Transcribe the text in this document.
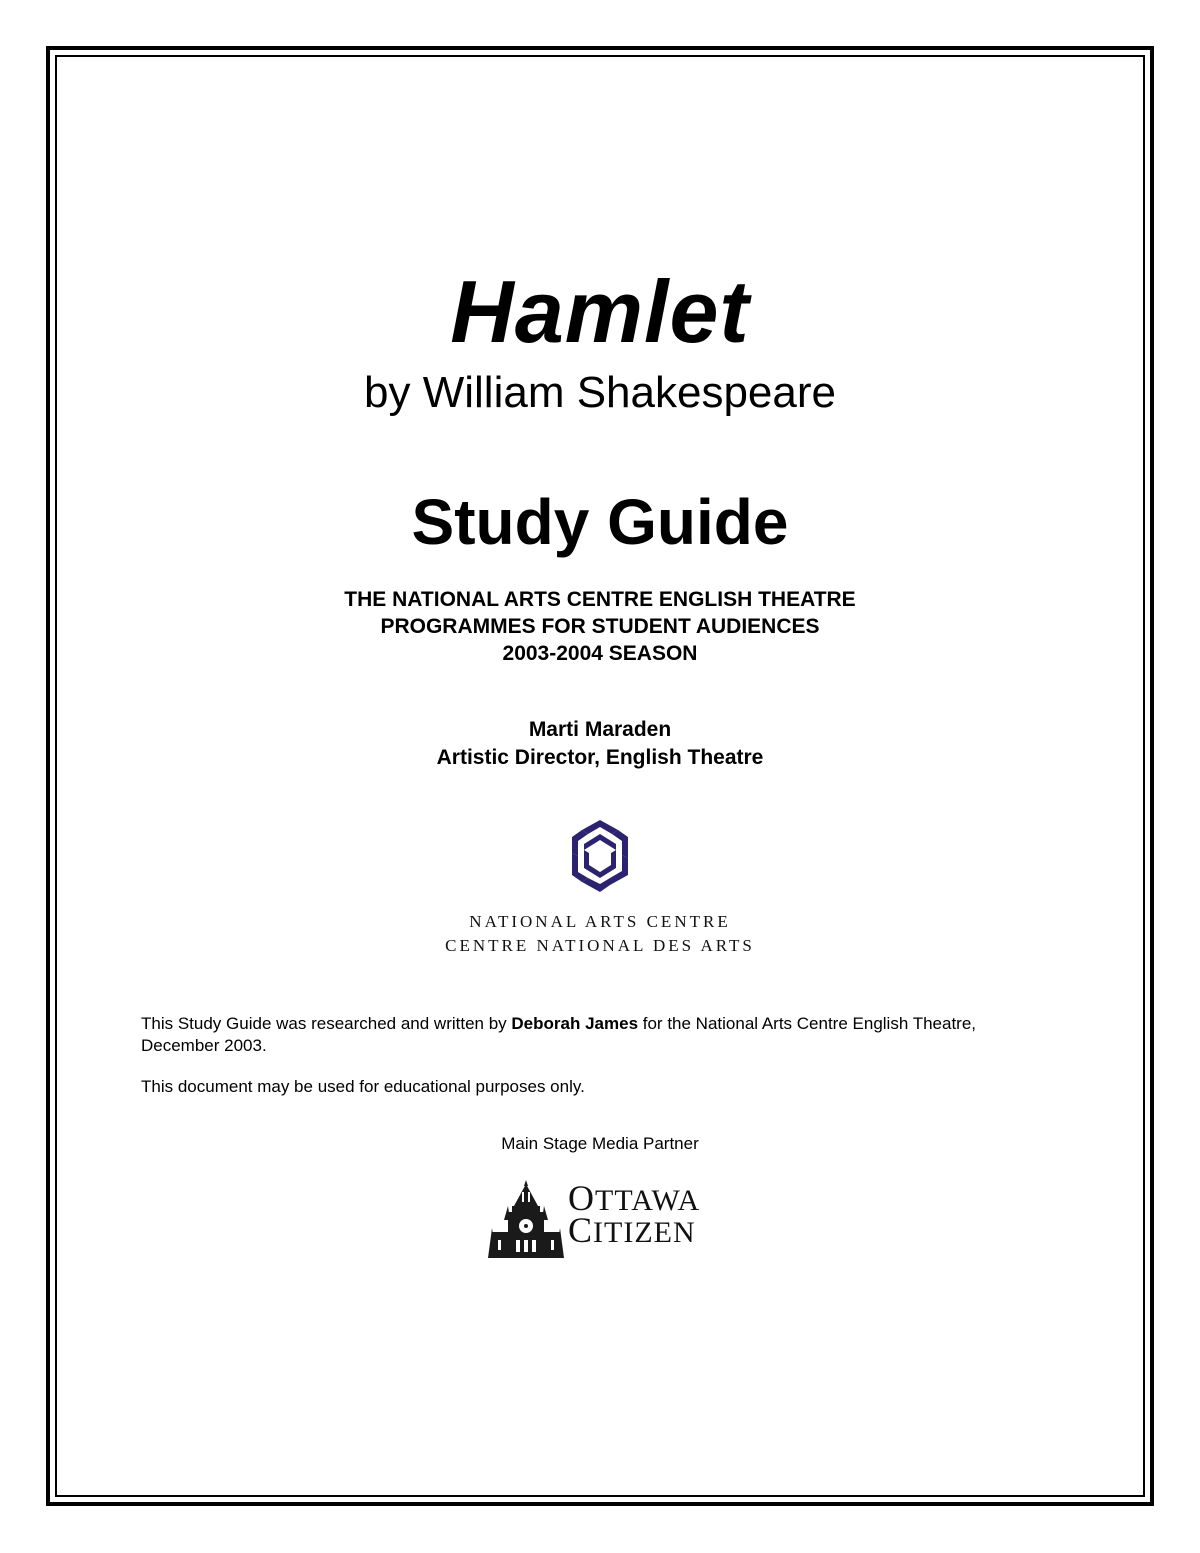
Hamlet
by William Shakespeare
Study Guide
THE NATIONAL ARTS CENTRE ENGLISH THEATRE
PROGRAMMES FOR STUDENT AUDIENCES
2003-2004 SEASON
Marti Maraden
Artistic Director, English Theatre
NATIONAL ARTS CENTRE
CENTRE NATIONAL DES ARTS
This Study Guide was researched and written by Deborah James for the National Arts Centre English Theatre, December 2003.
This document may be used for educational purposes only.
Main Stage Media Partner
OTTAWA
CITIZEN
